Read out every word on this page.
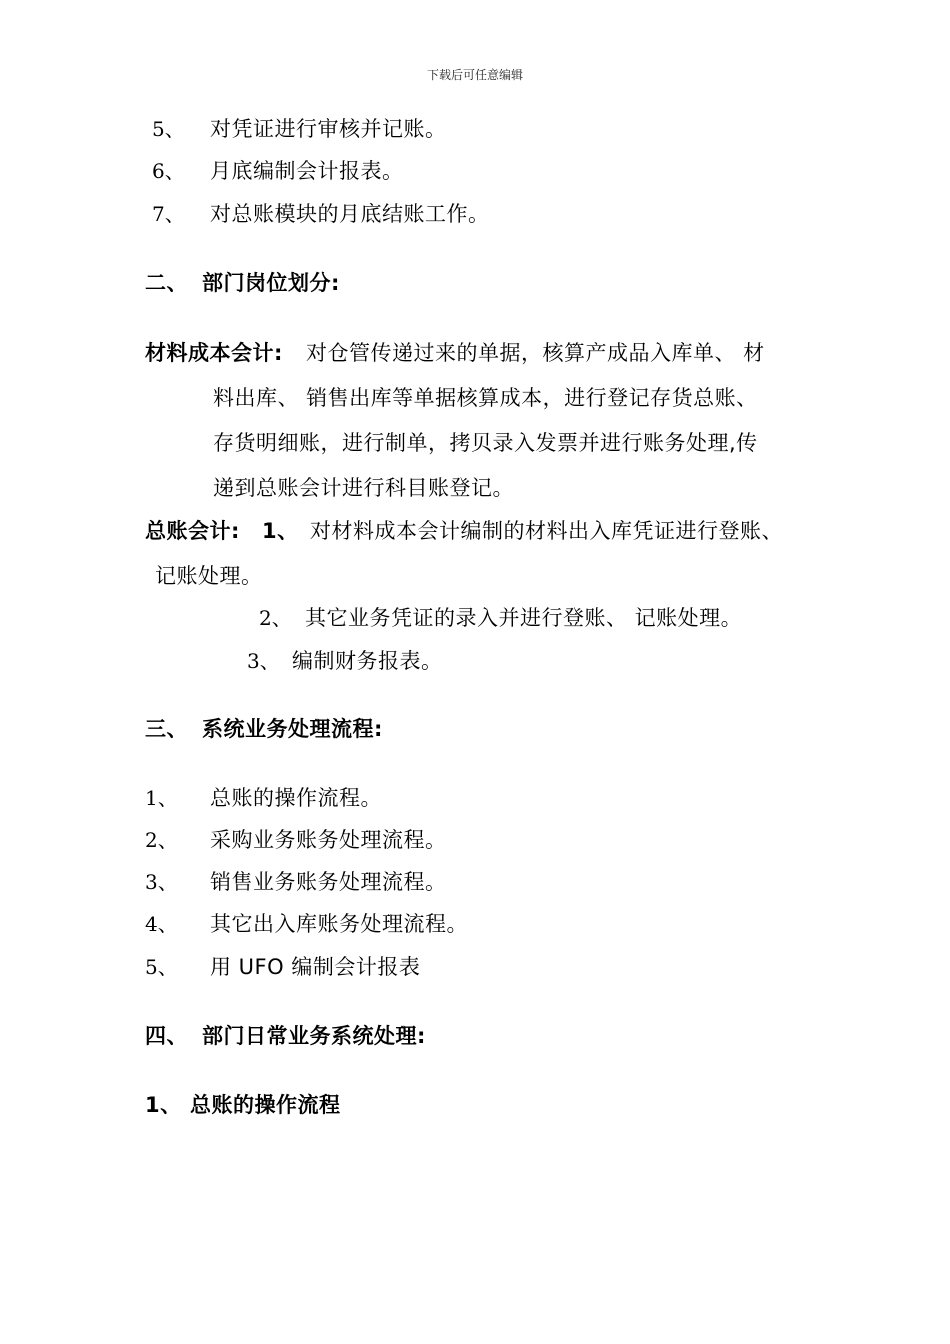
下载后可任意编辑
5、 对凭证进行审核并记账。
6、 月底编制会计报表。
7、 对总账模块的月底结账工作。
二、 部门岗位划分:
材料成本会计: 对仓管传递过来的单据，核算产成品入库单、 材
料出库、 销售出库等单据核算成本，进行登记存货总账、
存货明细账，进行制单，拷贝录入发票并进行账务处理,传
递到总账会计进行科目账登记。
总账会计: 1、 对材料成本会计编制的材料出入库凭证进行登账、
记账处理。
2、 其它业务凭证的录入并进行登账、 记账处理。
3、 编制财务报表。
三、 系统业务处理流程:
1、 总账的操作流程。
2、 采购业务账务处理流程。
3、 销售业务账务处理流程。
4、 其它出入库账务处理流程。
5、 用 UFO 编制会计报表
四、 部门日常业务系统处理:
1、 总账的操作流程
